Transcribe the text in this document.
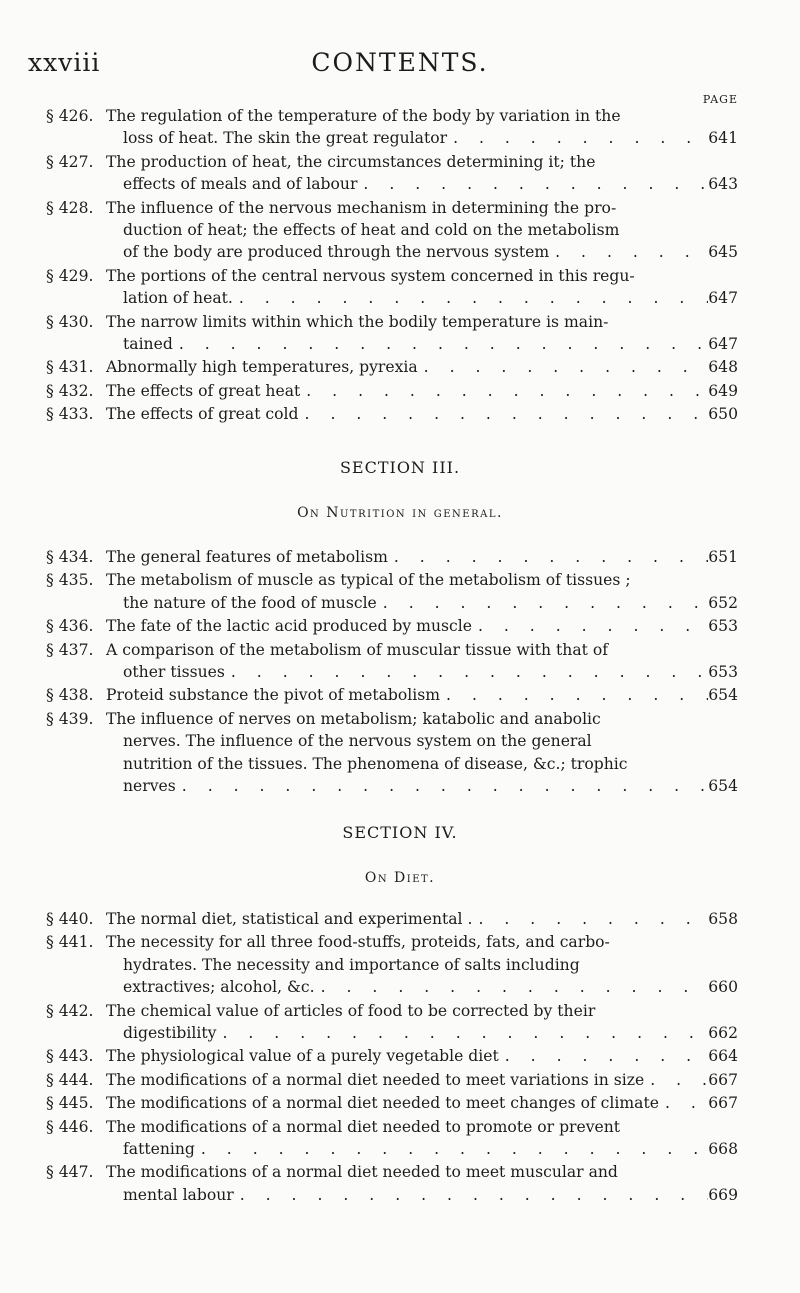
xxviii	CONTENTS.
PAGE
§ 426. The regulation of the temperature of the body by variation in the
loss of heat. The skin the great regulator . . .	641
§ 427. The production of heat, the circumstances determining it; the
effects of meals and of labour . . .	643
§ 428. The influence of the nervous mechanism in determining the pro-
duction of heat; the effects of heat and cold on the metabolism
of the body are produced through the nervous system . . .	645
§ 429. The portions of the central nervous system concerned in this regu-
lation of heat. . . .	647
§ 430. The narrow limits within which the bodily temperature is main-
tained . . .	647
§ 431. Abnormally high temperatures, pyrexia . . .	648
§ 432. The effects of great heat . . .	649
§ 433. The effects of great cold . . .	650
SECTION III.
On Nutrition in general.
§ 434. The general features of metabolism . . .	651
§ 435. The metabolism of muscle as typical of the metabolism of tissues ;
the nature of the food of muscle . . .	652
§ 436. The fate of the lactic acid produced by muscle . . .	653
§ 437. A comparison of the metabolism of muscular tissue with that of
other tissues . . .	653
§ 438. Proteid substance the pivot of metabolism . . .	654
§ 439. The influence of nerves on metabolism; katabolic and anabolic
nerves. The influence of the nervous system on the general
nutrition of the tissues. The phenomena of disease, &c.; trophic
nerves . . .	654
SECTION IV.
On Diet.
§ 440. The normal diet, statistical and experimental . . . .	658
§ 441. The necessity for all three food-stuffs, proteids, fats, and carbo-
hydrates. The necessity and importance of salts including
extractives; alcohol, &c. . . .	660
§ 442. The chemical value of articles of food to be corrected by their
digestibility . . .	662
§ 443. The physiological value of a purely vegetable diet . . .	664
§ 444. The modifications of a normal diet needed to meet variations in size . . .	667
§ 445. The modifications of a normal diet needed to meet changes of climate . . .	667
§ 446. The modifications of a normal diet needed to promote or prevent
fattening . . .	668
§ 447. The modifications of a normal diet needed to meet muscular and
mental labour . . .	669
